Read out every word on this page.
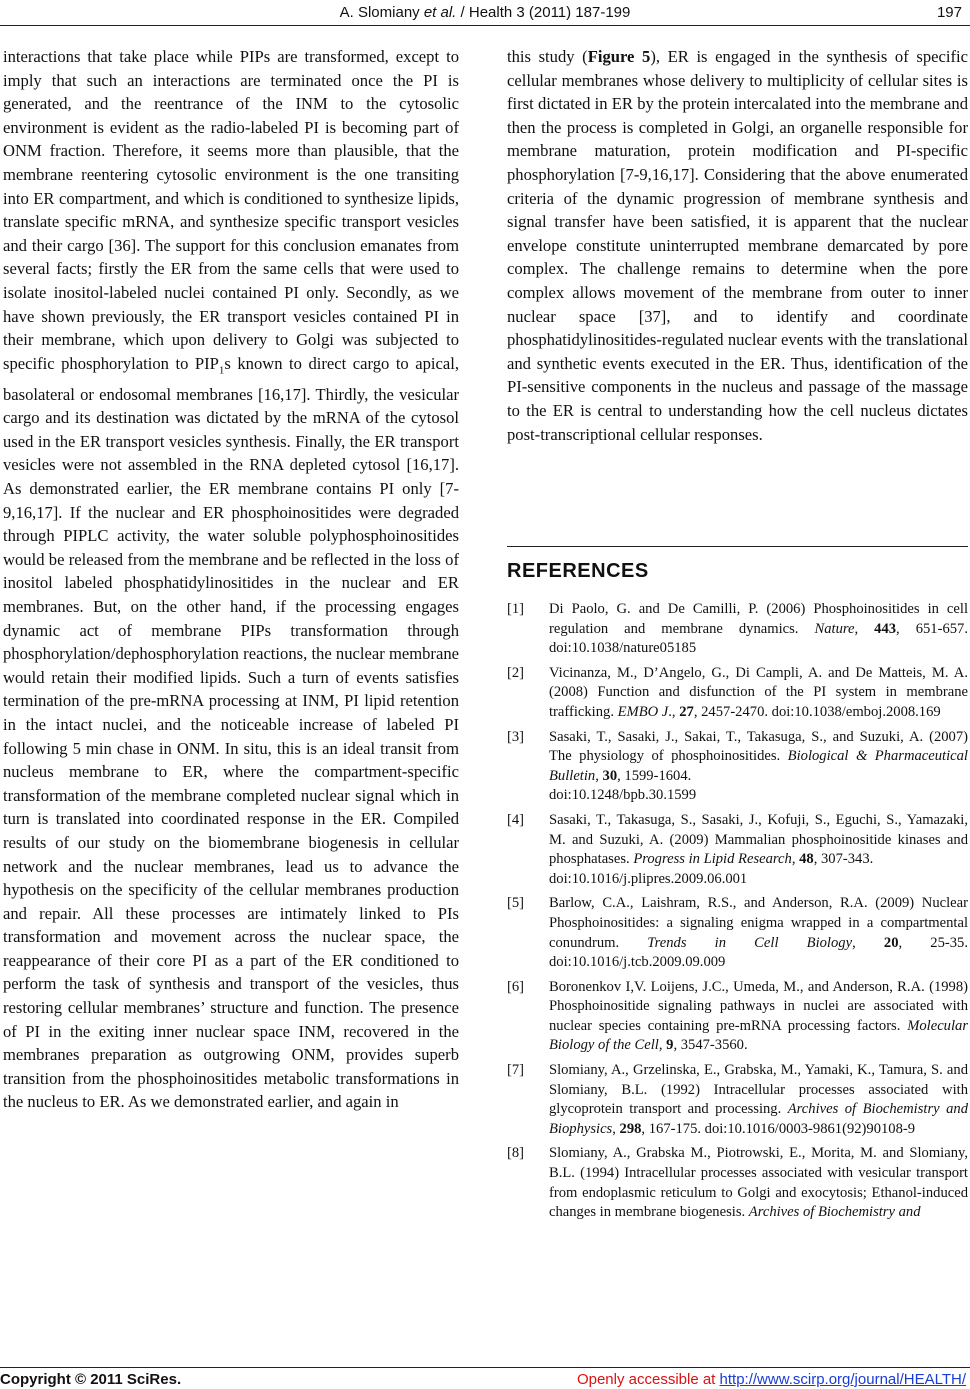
A. Slomiany et al. / Health 3 (2011) 187-199	197

interactions that take place while PIPs are transformed, except to imply that such an interactions are terminated once the PI is generated, and the reentrance of the INM to the cytosolic environment is evident as the radio-labeled PI is becoming part of ONM fraction. Therefore, it seems more than plausible, that the membrane reentering cytosolic environment is the one transiting into ER compartment, and which is conditioned to synthesize lipids, translate specific mRNA, and synthesize specific transport vesicles and their cargo [36]. The support for this conclusion emanates from several facts; firstly the ER from the same cells that were used to isolate inositol-labeled nuclei contained PI only. Secondly, as we have shown previously, the ER transport vesicles contained PI in their membrane, which upon delivery to Golgi was subjected to specific phosphorylation to $PIP_1s$ known to direct cargo to apical, basolateral or endosomal membranes [16,17]. Thirdly, the vesicular cargo and its destination was dictated by the mRNA of the cytosol used in the ER transport vesicles synthesis. Finally, the ER transport vesicles were not assembled in the RNA depleted cytosol [16,17]. As demonstrated earlier, the ER membrane contains PI only [7-9,16,17]. If the nuclear and ER phosphoinositides were degraded through PIPLC activity, the water soluble polyphosphoinositides would be released from the membrane and be reflected in the loss of inositol labeled phosphatidylinositides in the nuclear and ER membranes. But, on the other hand, if the processing engages dynamic act of membrane PIPs transformation through phosphorylation/dephosphorylation reactions, the nuclear membrane would retain their modified lipids. Such a turn of events satisfies termination of the pre-mRNA processing at INM, PI lipid retention in the intact nuclei, and the noticeable increase of labeled PI following 5 min chase in ONM. In situ, this is an ideal transit from nucleus membrane to ER, where the compartment-specific transformation of the membrane completed nuclear signal which in turn is translated into coordinated response in the ER. Compiled results of our study on the biomembrane biogenesis in cellular network and the nuclear membranes, lead us to advance the hypothesis on the specificity of the cellular membranes production and repair. All these processes are intimately linked to PIs transformation and movement across the nuclear space, the reappearance of their core PI as a part of the ER conditioned to perform the task of synthesis and transport of the vesicles, thus restoring cellular membranes’ structure and function. The presence of PI in the exiting inner nuclear space INM, recovered in the membranes preparation as outgrowing ONM, provides superb transition from the phosphoinositides metabolic transformations in the nucleus to ER. As we demonstrated earlier, and again in

this study (Figure 5), ER is engaged in the synthesis of specific cellular membranes whose delivery to multiplicity of cellular sites is first dictated in ER by the protein intercalated into the membrane and then the process is completed in Golgi, an organelle responsible for membrane maturation, protein modification and PI-specific phosphorylation [7-9,16,17]. Considering that the above enumerated criteria of the dynamic progression of membrane synthesis and signal transfer have been satisfied, it is apparent that the nuclear envelope constitute uninterrupted membrane demarcated by pore complex. The challenge remains to determine when the pore complex allows movement of the membrane from outer to inner nuclear space [37], and to identify and coordinate phosphatidylinositides-regulated nuclear events with the translational and synthetic events executed in the ER. Thus, identification of the PI-sensitive components in the nucleus and passage of the massage to the ER is central to understanding how the cell nucleus dictates post-transcriptional cellular responses.

REFERENCES
[1] Di Paolo, G. and De Camilli, P. (2006) Phosphoinositides in cell regulation and membrane dynamics. Nature, 443, 651-657. doi:10.1038/nature05185
[2] Vicinanza, M., D’Angelo, G., Di Campli, A. and De Matteis, M. A. (2008) Function and disfunction of the PI system in membrane trafficking. EMBO J., 27, 2457-2470. doi:10.1038/emboj.2008.169
[3] Sasaki, T., Sasaki, J., Sakai, T., Takasuga, S., and Suzuki, A. (2007) The physiology of phosphoinositides. Biological & Pharmaceutical Bulletin, 30, 1599-1604.
doi:10.1248/bpb.30.1599
[4] Sasaki, T., Takasuga, S., Sasaki, J., Kofuji, S., Eguchi, S., Yamazaki, M. and Suzuki, A. (2009) Mammalian phosphoinositide kinases and phosphatases. Progress in Lipid Research, 48, 307-343.
doi:10.1016/j.plipres.2009.06.001
[5] Barlow, C.A., Laishram, R.S., and Anderson, R.A. (2009) Nuclear Phosphoinositides: a signaling enigma wrapped in a compartmental conundrum. Trends in Cell Biology, 20, 25-35. doi:10.1016/j.tcb.2009.09.009
[6] Boronenkov I,V. Loijens, J.C., Umeda, M., and Anderson, R.A. (1998) Phosphoinositide signaling pathways in nuclei are associated with nuclear species containing pre-mRNA processing factors. Molecular Biology of the Cell, 9, 3547-3560.
[7] Slomiany, A., Grzelinska, E., Grabska, M., Yamaki, K., Tamura, S. and Slomiany, B.L. (1992) Intracellular processes associated with glycoprotein transport and processing. Archives of Biochemistry and Biophysics, 298, 167-175. doi:10.1016/0003-9861(92)90108-9
[8] Slomiany, A., Grabska M., Piotrowski, E., Morita, M. and Slomiany, B.L. (1994) Intracellular processes associated with vesicular transport from endoplasmic reticulum to Golgi and exocytosis; Ethanol-induced changes in membrane biogenesis. Archives of Biochemistry and
Copyright © 2011 SciRes.	Openly accessible at http://www.scirp.org/journal/HEALTH/
